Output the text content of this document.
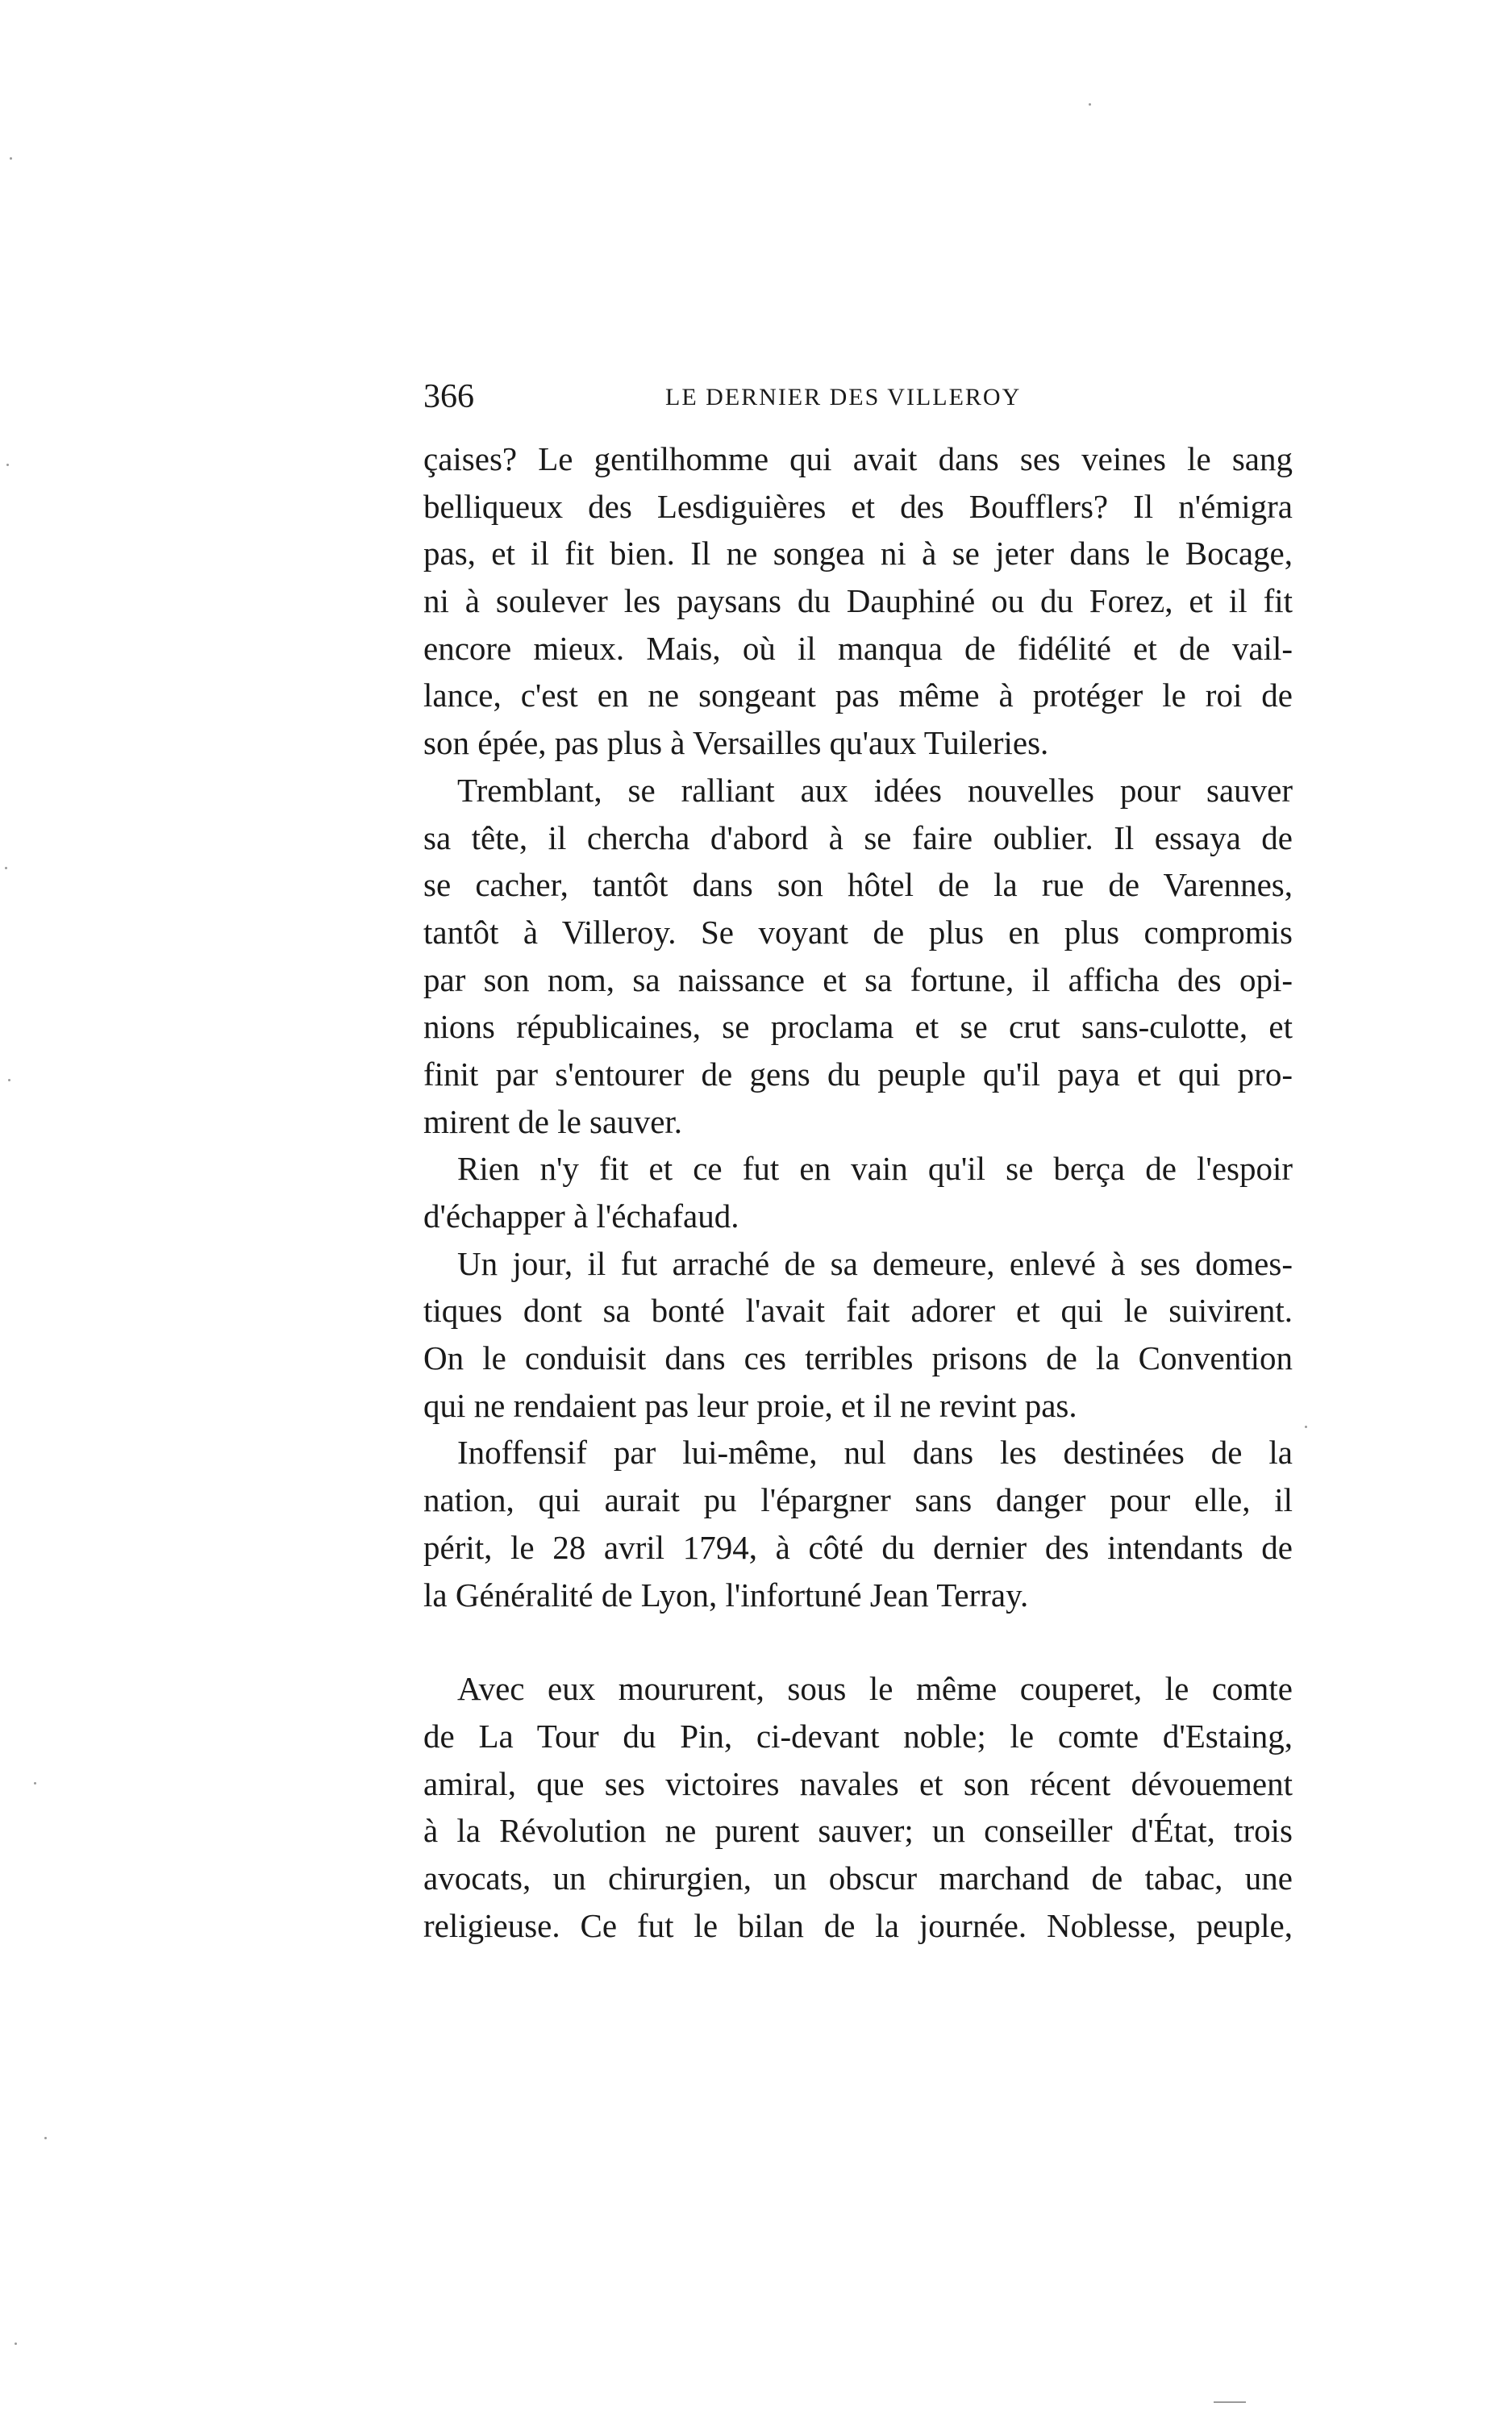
366	LE DERNIER DES VILLEROY
çaises? Le gentilhomme qui avait dans ses veines le sang
belliqueux des Lesdiguières et des Boufflers? Il n'émigra
pas, et il fit bien. Il ne songea ni à se jeter dans le Bocage,
ni à soulever les paysans du Dauphiné ou du Forez, et il fit
encore mieux. Mais, où il manqua de fidélité et de vail-
lance, c'est en ne songeant pas même à protéger le roi de
son épée, pas plus à Versailles qu'aux Tuileries.
Tremblant, se ralliant aux idées nouvelles pour sauver
sa tête, il chercha d'abord à se faire oublier. Il essaya de
se cacher, tantôt dans son hôtel de la rue de Varennes,
tantôt à Villeroy. Se voyant de plus en plus compromis
par son nom, sa naissance et sa fortune, il afficha des opi-
nions républicaines, se proclama et se crut sans-culotte, et
finit par s'entourer de gens du peuple qu'il paya et qui pro-
mirent de le sauver.
Rien n'y fit et ce fut en vain qu'il se berça de l'espoir
d'échapper à l'échafaud.
Un jour, il fut arraché de sa demeure, enlevé à ses domes-
tiques dont sa bonté l'avait fait adorer et qui le suivirent.
On le conduisit dans ces terribles prisons de la Convention
qui ne rendaient pas leur proie, et il ne revint pas.
Inoffensif par lui-même, nul dans les destinées de la
nation, qui aurait pu l'épargner sans danger pour elle, il
périt, le 28 avril 1794, à côté du dernier des intendants de
la Généralité de Lyon, l'infortuné Jean Terray.
Avec eux moururent, sous le même couperet, le comte
de La Tour du Pin, ci-devant noble; le comte d'Estaing,
amiral, que ses victoires navales et son récent dévouement
à la Révolution ne purent sauver; un conseiller d'État, trois
avocats, un chirurgien, un obscur marchand de tabac, une
religieuse. Ce fut le bilan de la journée. Noblesse, peuple,
